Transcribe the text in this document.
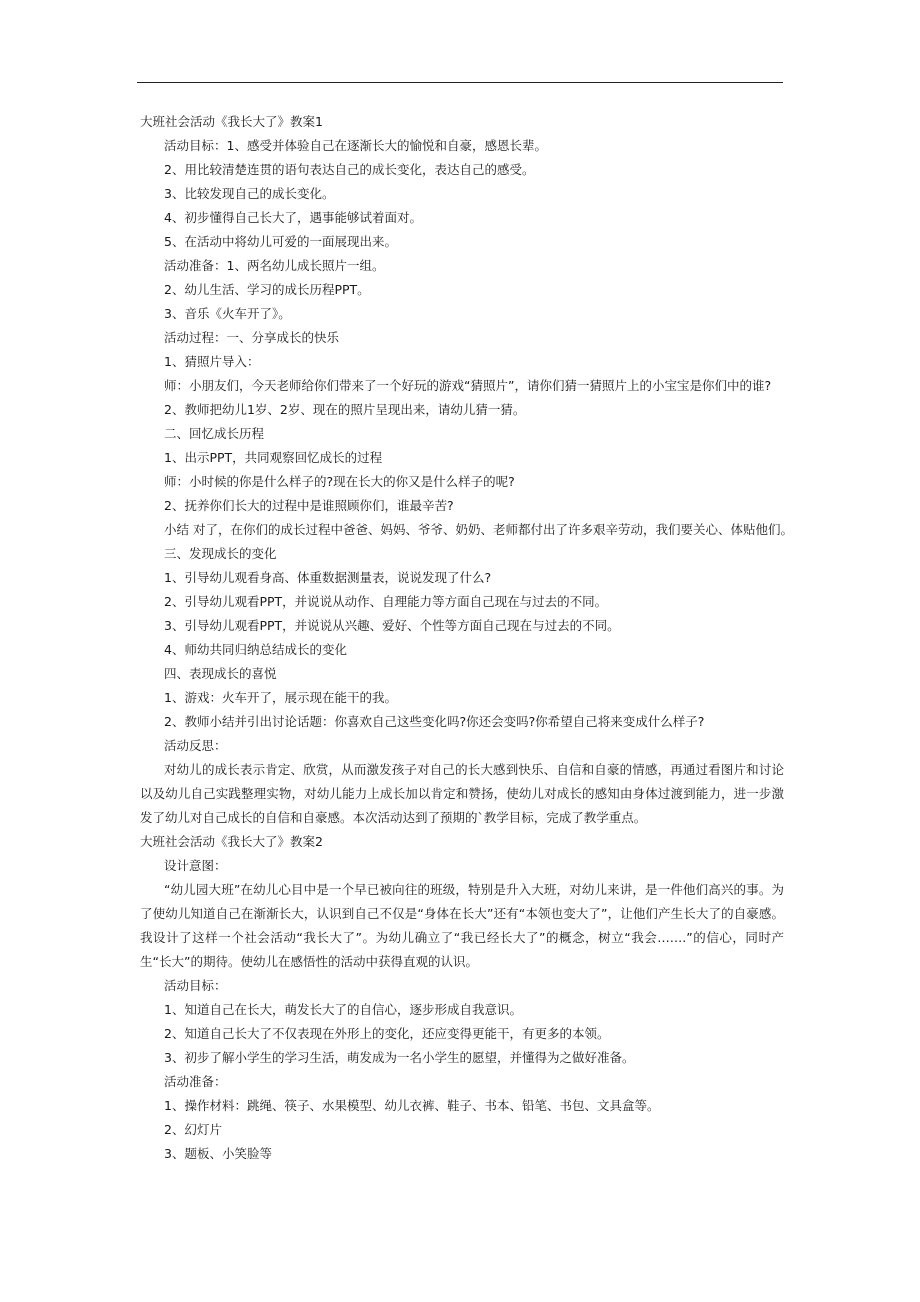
大班社会活动《我长大了》教案1

活动目标：1、感受并体验自己在逐渐长大的愉悦和自豪，感恩长辈。

2、用比较清楚连贯的语句表达自己的成长变化，表达自己的感受。

3、比较发现自己的成长变化。

4、初步懂得自己长大了，遇事能够试着面对。

5、在活动中将幼儿可爱的一面展现出来。

活动准备：1、两名幼儿成长照片一组。

2、幼儿生活、学习的成长历程PPT。

3、音乐《火车开了》。

活动过程：一、分享成长的快乐

1、猜照片导入：

师：小朋友们，今天老师给你们带来了一个好玩的游戏“猜照片”，请你们猜一猜照片上的小宝宝是你们中的谁?

2、教师把幼儿1岁、2岁、现在的照片呈现出来，请幼儿猜一猜。

二、回忆成长历程

1、出示PPT，共同观察回忆成长的过程

师：小时候的你是什么样子的?现在长大的你又是什么样子的呢?

2、抚养你们长大的过程中是谁照顾你们，谁最辛苦?

小结 对了，在你们的成长过程中爸爸、妈妈、爷爷、奶奶、老师都付出了许多艰辛劳动，我们要关心、体贴他们。

三、发现成长的变化

1、引导幼儿观看身高、体重数据测量表，说说发现了什么?

2、引导幼儿观看PPT，并说说从动作、自理能力等方面自己现在与过去的不同。

3、引导幼儿观看PPT，并说说从兴趣、爱好、个性等方面自己现在与过去的不同。

4、师幼共同归纳总结成长的变化

四、表现成长的喜悦

1、游戏：火车开了，展示现在能干的我。

2、教师小结并引出讨论话题：你喜欢自己这些变化吗?你还会变吗?你希望自己将来变成什么样子?

活动反思：

对幼儿的成长表示肯定、欣赏，从而激发孩子对自己的长大感到快乐、自信和自豪的情感，再通过看图片和讨论以及幼儿自己实践整理实物，对幼儿能力上成长加以肯定和赞扬，使幼儿对成长的感知由身体过渡到能力，进一步激发了幼儿对自己成长的自信和自豪感。本次活动达到了预期的`教学目标，完成了教学重点。

大班社会活动《我长大了》教案2

设计意图：

“幼儿园大班”在幼儿心目中是一个早已被向往的班级，特别是升入大班，对幼儿来讲，是一件他们高兴的事。为了使幼儿知道自己在渐渐长大，认识到自己不仅是“身体在长大”还有“本领也变大了”，让他们产生长大了的自豪感。我设计了这样一个社会活动“我长大了”。为幼儿确立了“我已经长大了”的概念，树立“我会…….”的信心，同时产生“长大”的期待。使幼儿在感悟性的活动中获得直观的认识。

活动目标：

1、知道自己在长大，萌发长大了的自信心，逐步形成自我意识。

2、知道自己长大了不仅表现在外形上的变化，还应变得更能干，有更多的本领。

3、初步了解小学生的学习生活，萌发成为一名小学生的愿望，并懂得为之做好准备。

活动准备：

1、操作材料：跳绳、筷子、水果模型、幼儿衣裤、鞋子、书本、铅笔、书包、文具盒等。

2、幻灯片

3、题板、小笑脸等
